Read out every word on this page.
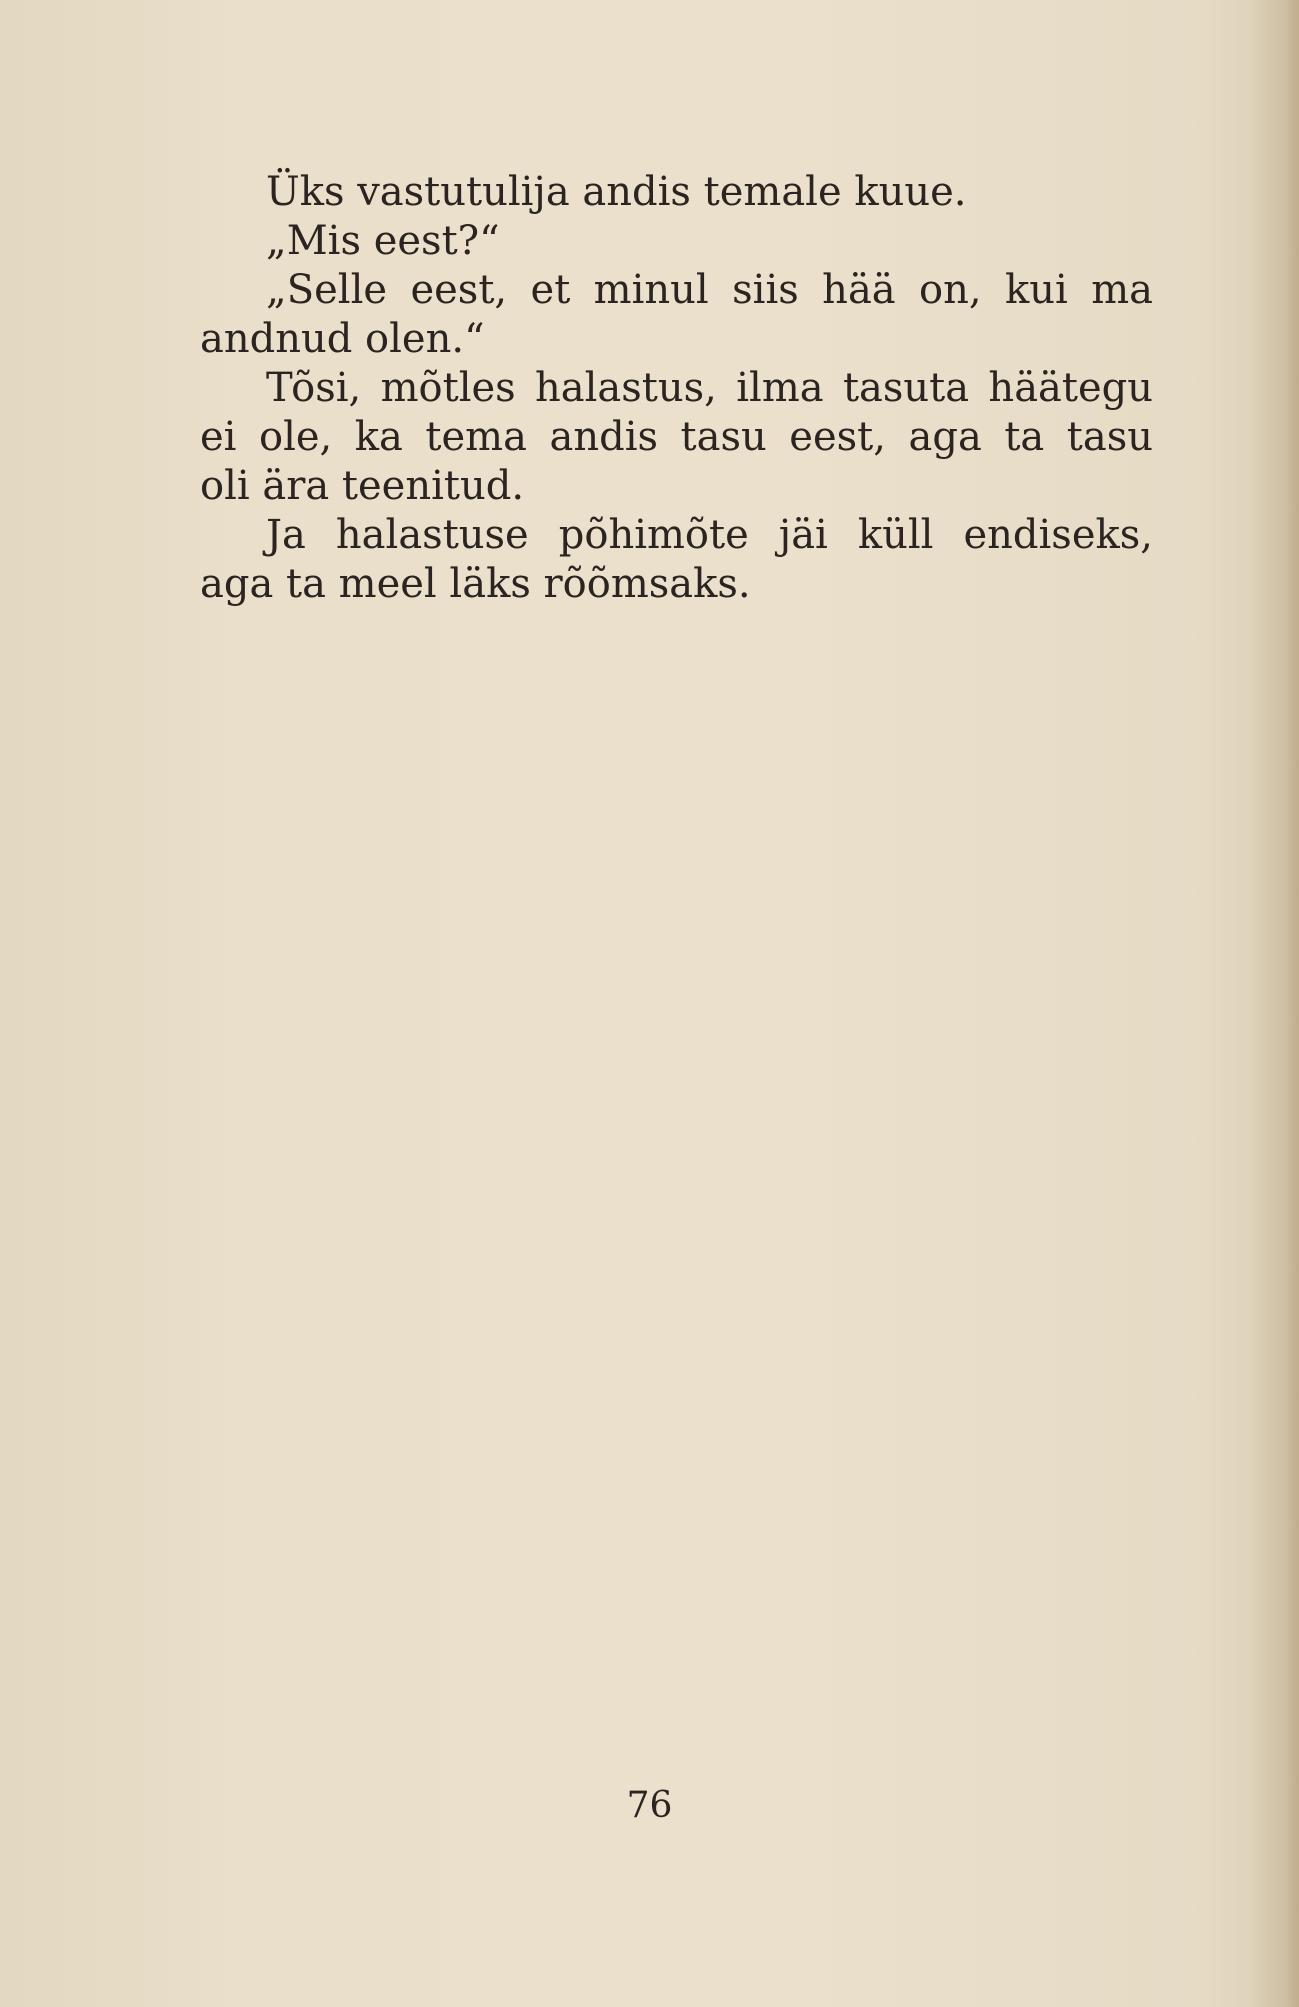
Üks vastutulija andis temale kuue.
„Mis eest?“
„Selle eest, et minul siis hää on, kui ma
andnud olen.“
Tõsi, mõtles halastus, ilma tasuta häätegu
ei ole, ka tema andis tasu eest, aga ta tasu
oli ära teenitud.
Ja halastuse põhimõte jäi küll endiseks,
aga ta meel läks rõõmsaks.
76
